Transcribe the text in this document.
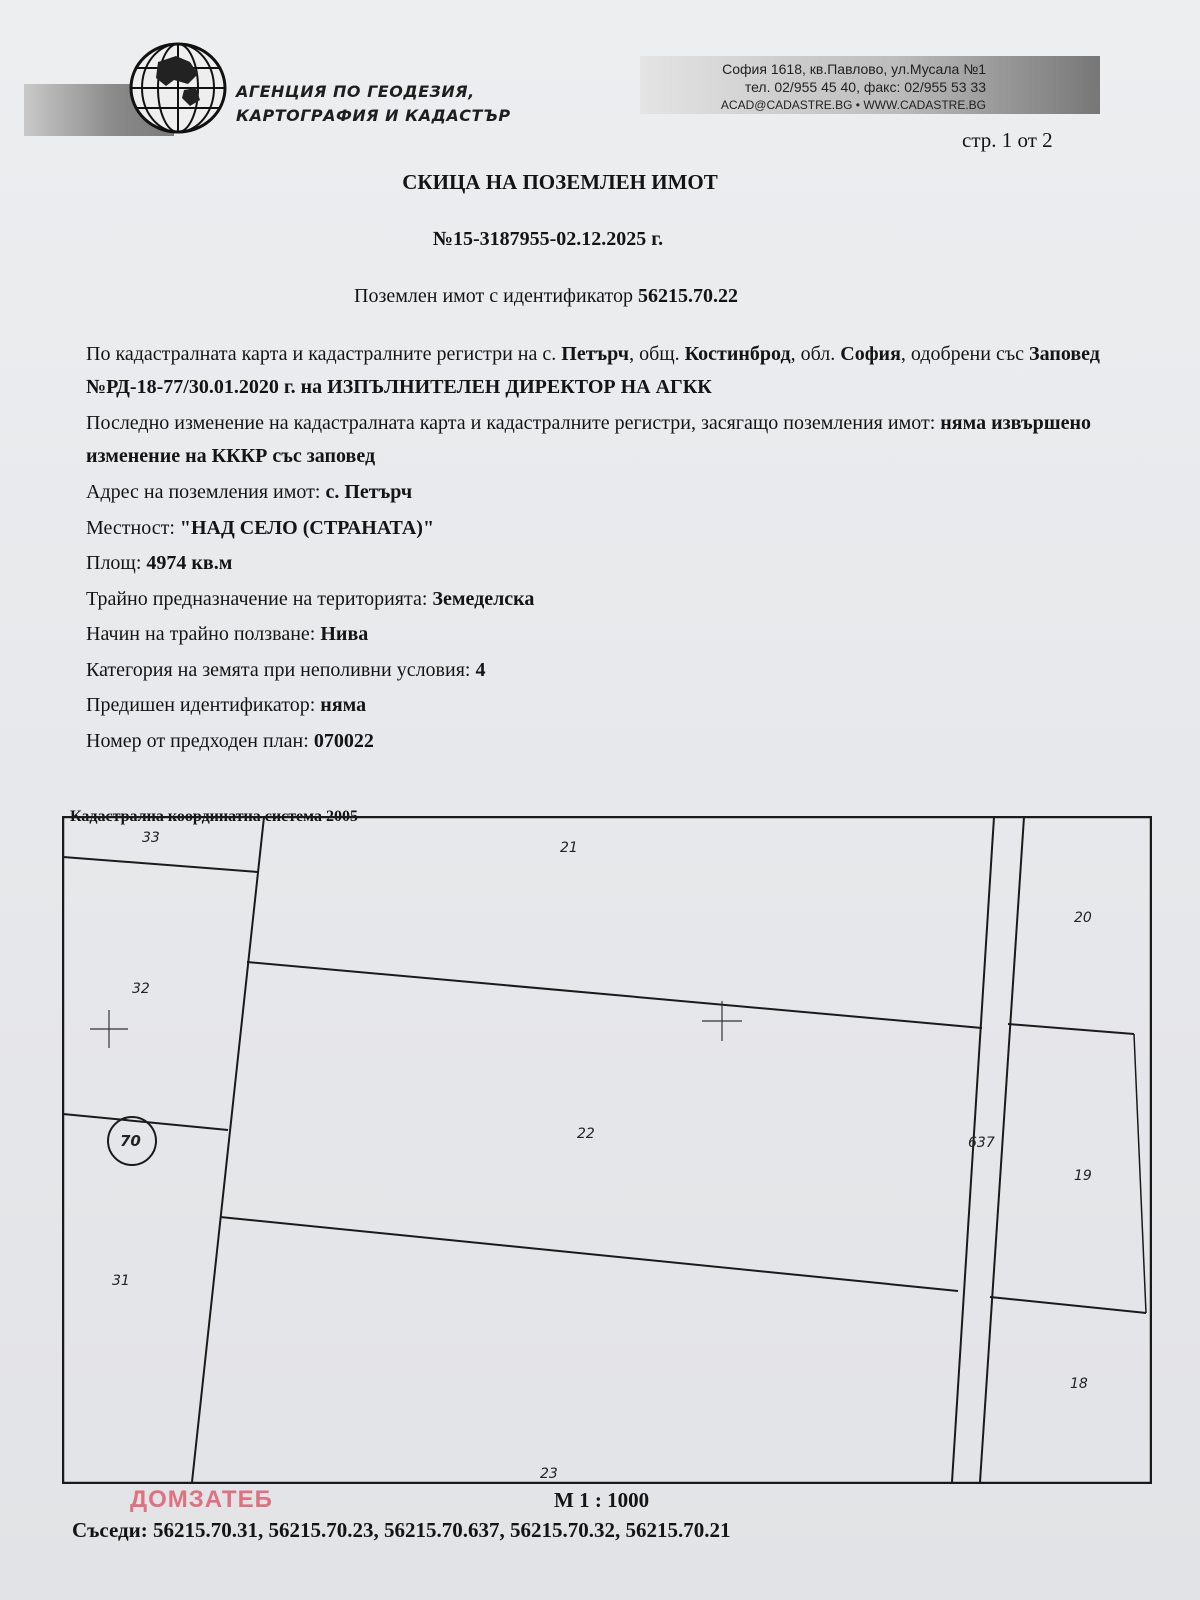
АГЕНЦИЯ ПО ГЕОДЕЗИЯ,
КАРТОГРАФИЯ И КАДАСТЪР
София 1618, кв.Павлово, ул.Мусала №1
тел. 02/955 45 40, факс: 02/955 53 33
ACAD@CADASTRE.BG • WWW.CADASTRE.BG
стр. 1 от 2
СКИЦА НА ПОЗЕМЛЕН ИМОТ
№15-3187955-02.12.2025 г.
Поземлен имот с идентификатор 56215.70.22

По кадастралната карта и кадастралните регистри на с. Петърч, общ. Костинброд, обл. София, одобрени със Заповед №РД-18-77/30.01.2020 г. на ИЗПЪЛНИТЕЛЕН ДИРЕКТОР НА АГКК

Последно изменение на кадастралната карта и кадастралните регистри, засягащо поземления имот: няма извършено изменение на КККР със заповед

Адрес на поземления имот: с. Петърч

Местност: "НАД СЕЛО (СТРАНАТА)"

Площ: 4974 кв.м

Трайно предназначение на територията: Земеделска

Начин на трайно ползване: Нива

Категория на земята при неполивни условия: 4

Предишен идентификатор: няма

Номер от предходен план: 070022

Кадастрална координатна система 2005
33
21
20
32
70	22
637
19
31
18
23
М 1 : 1000
ДОМЗАТЕБ
Съседи: 56215.70.31, 56215.70.23, 56215.70.637, 56215.70.32, 56215.70.21
